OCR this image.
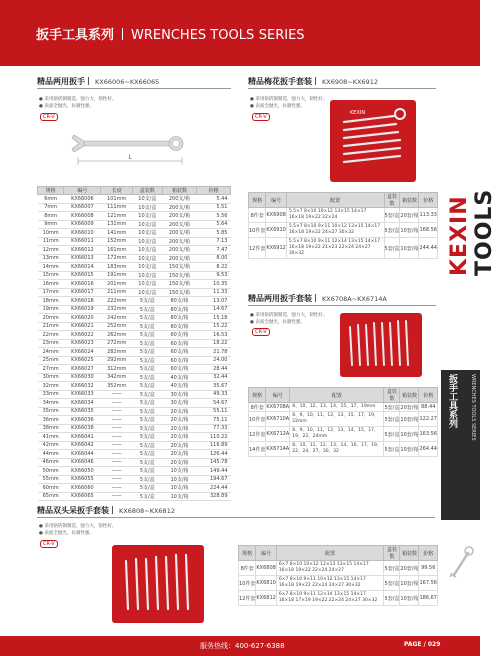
扳手工具系列 WRENCHES TOOLS SERIES
KEXIN TOOLS
扳手工具系列	WRENCHES TOOLS SERIES
精品两用扳手 KX66006~KX66065
● 采用铬钒钢制造，强力大，韧性好。
● 表面全抛光，抗腐性强。
CR-V
L
规格	编号	长度	盒装数	箱装数	价格
6mm	KX66006	101mm	10支/盒	200支/箱	5.44
7mm	KX66007	111mm	10支/盒	200支/箱	5.51
8mm	KX66008	121mm	10支/盒	200支/箱	5.56
9mm	KX66009	131mm	10支/盒	200支/箱	5.64
10mm	KX66010	141mm	10支/盒	200支/箱	5.85
11mm	KX66011	152mm	10支/盒	200支/箱	7.13
12mm	KX66012	161mm	10支/盒	200支/箱	7.47
13mm	KX66013	172mm	10支/盒	200支/箱	8.00
14mm	KX66014	183mm	10支/盒	150支/箱	8.22
15mm	KX66015	191mm	10支/盒	150支/箱	9.53
16mm	KX66016	201mm	10支/盒	150支/箱	10.35
17mm	KX66017	211mm	10支/盒	150支/箱	11.33
18mm	KX66018	222mm	5支/盒	80支/箱	13.07
19mm	KX66019	232mm	5支/盒	80支/箱	14.67
20mm	KX66020	242mm	5支/盒	80支/箱	15.18
21mm	KX66021	252mm	5支/盒	80支/箱	15.22
22mm	KX66022	262mm	5支/盒	60支/箱	16.53
23mm	KX66023	272mm	5支/盒	60支/箱	18.22
24mm	KX66024	282mm	5支/盒	60支/箱	21.78
25mm	KX66025	292mm	5支/盒	60支/箱	24.00
27mm	KX66027	312mm	5支/盒	60支/箱	28.44
30mm	KX66030	342mm	5支/盒	40支/箱	32.44
32mm	KX66032	352mm	5支/盒	40支/箱	35.67
33mm	KX66033	——	5支/盒	30支/箱	49.33
34mm	KX66034	——	5支/盒	30支/箱	54.67
35mm	KX66035	——	5支/盒	20支/箱	55.11
36mm	KX66036	——	5支/盒	20支/箱	75.11
38mm	KX66038	——	5支/盒	20支/箱	77.33
41mm	KX66041	——	5支/盒	20支/箱	110.22
42mm	KX66042	——	5支/盒	20支/箱	116.89
44mm	KX66044	——	5支/盒	20支/箱	126.44
46mm	KX66046	——	5支/盒	20支/箱	145.78
50mm	KX66050	——	5支/盒	10支/箱	149.44
55mm	KX66055	——	5支/盒	10支/箱	194.67
60mm	KX66060	——	5支/盒	10支/箱	224.44
65mm	KX66065	——	5支/盒	10支/箱	328.89
精品梅花扳手套装 KX6908~KX6912
● 采用铬钒钢制造，强力大，韧性好。
● 表面全抛光，抗腐性强。
CR-V
KEXIN
规格	编号	配置	盒装数	箱装数	价格
8件套	KX6908	5.5×7 8×10 10×12 13×15 14×17 16×18 19×22 22×24	5套/盒	20套/箱	113.33
10件套	KX6910	5.5×7 8×10 9×11 10×12 13×15 14×17 16×18 19×22 24×27 30×32	5套/盒	10套/箱	168.56
12件套	KX6912	5.5×7 8×10 9×11 12×14 13×15 14×17 16×18 19×22 21×23 22×24 24×27 30×32	5套/盒	10套/箱	244.44
精品两用扳手套装 KX6708A~KX6714A
● 采用铬钒钢制造，强力大，韧性好。
● 表面全抛光，抗腐性强。
CR-V
规格	编号	配置	盒装数	箱装数	价格
8件套	KX6708A	8、10、12、13、14、15、17、19mm	5套/盒	20套/箱	88.44
10件套	KX6710A	8、9、10、11、12、13、15、17、19、22mm	5套/盒	10套/箱	122.27
12件套	KX6712A	8、9、10、11、12、13、14、15、17、19、22、24mm	5套/盒	10套/箱	163.56
14件套	KX6714A	8、10、11、12、13、14、16、17、19、22、24、27、30、32	5套/盒	10套/箱	264.44
精品双头呆扳手套装 KX6808~KX6812
● 采用铬钒钢制造，强力大，韧性好。
● 表面全抛光，抗腐性强。
CR-V
规格	编号	配置	盒装数	箱装数	价格
8件套	KX6808	6×7 8×10 10×12 12×13 13×15 14×17 16×18 19×22 22×24 24×27	5套/盒	20套/箱	99.56
10件套	KX6810	6×7 8×10 9×11 10×12 13×15 14×17 16×18 19×22 22×24 24×27 30×32	5套/盒	10套/箱	167.56
12件套	KX6812	6×7 8×10 9×11 12×14 13×15 14×17 16×18 17×19 19×22 22×24 24×27 30×32	5套/盒	10套/箱	186.67
服务热线：400-627-6388	PAGE / 029
